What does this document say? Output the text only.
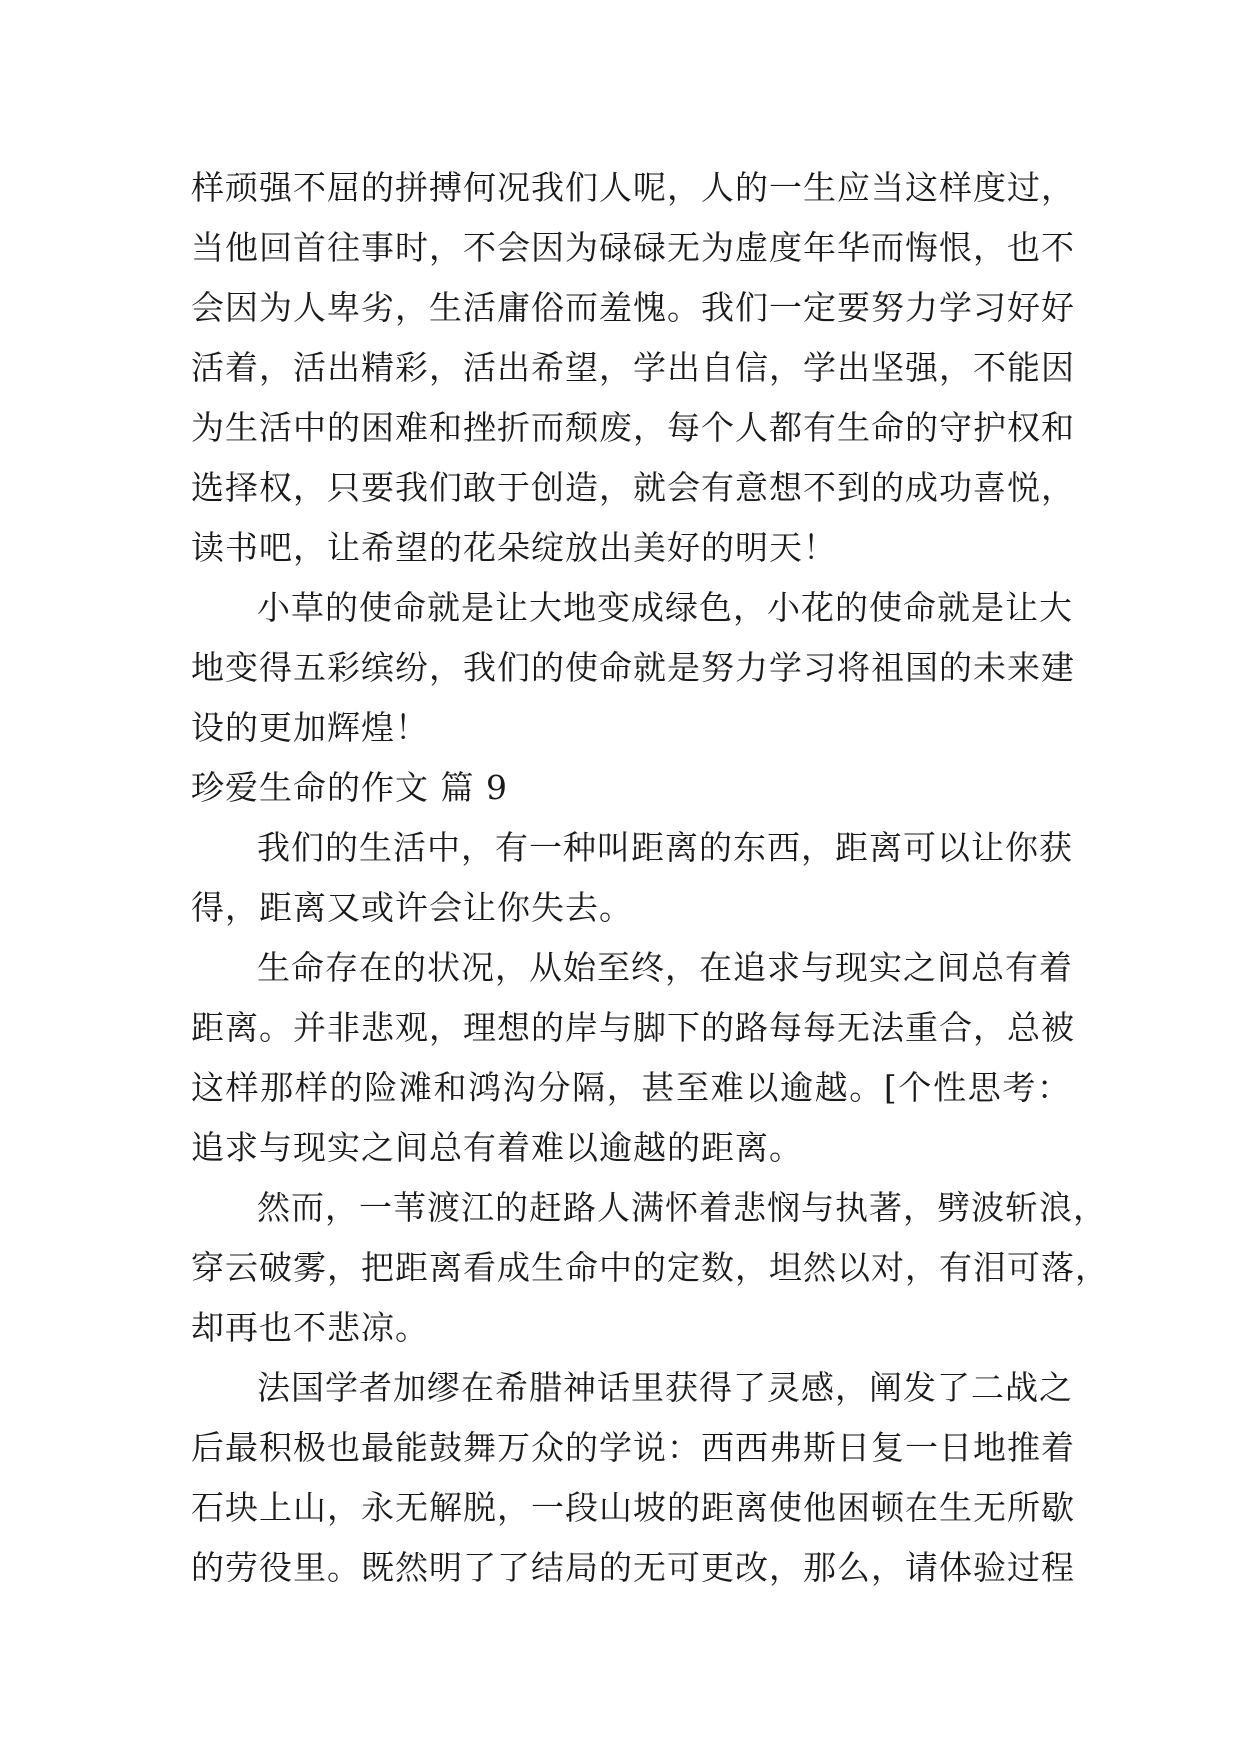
样顽强不屈的拼搏何况我们人呢，人的一生应当这样度过，
当他回首往事时，不会因为碌碌无为虚度年华而悔恨，也不
会因为人卑劣，生活庸俗而羞愧。我们一定要努力学习好好
活着，活出精彩，活出希望，学出自信，学出坚强，不能因
为生活中的困难和挫折而颓废，每个人都有生命的守护权和
选择权，只要我们敢于创造，就会有意想不到的成功喜悦，
读书吧，让希望的花朵绽放出美好的明天！
小草的使命就是让大地变成绿色，小花的使命就是让大
地变得五彩缤纷，我们的使命就是努力学习将祖国的未来建
设的更加辉煌！
珍爱生命的作文 篇 9
我们的生活中，有一种叫距离的东西，距离可以让你获
得，距离又或许会让你失去。
生命存在的状况，从始至终，在追求与现实之间总有着
距离。并非悲观，理想的岸与脚下的路每每无法重合，总被
这样那样的险滩和鸿沟分隔，甚至难以逾越。[个性思考：
追求与现实之间总有着难以逾越的距离。
然而，一苇渡江的赶路人满怀着悲悯与执著，劈波斩浪，
穿云破雾，把距离看成生命中的定数，坦然以对，有泪可落，
却再也不悲凉。
法国学者加缪在希腊神话里获得了灵感，阐发了二战之
后最积极也最能鼓舞万众的学说：西西弗斯日复一日地推着
石块上山，永无解脱，一段山坡的距离使他困顿在生无所歇
的劳役里。既然明了了结局的无可更改，那么，请体验过程
